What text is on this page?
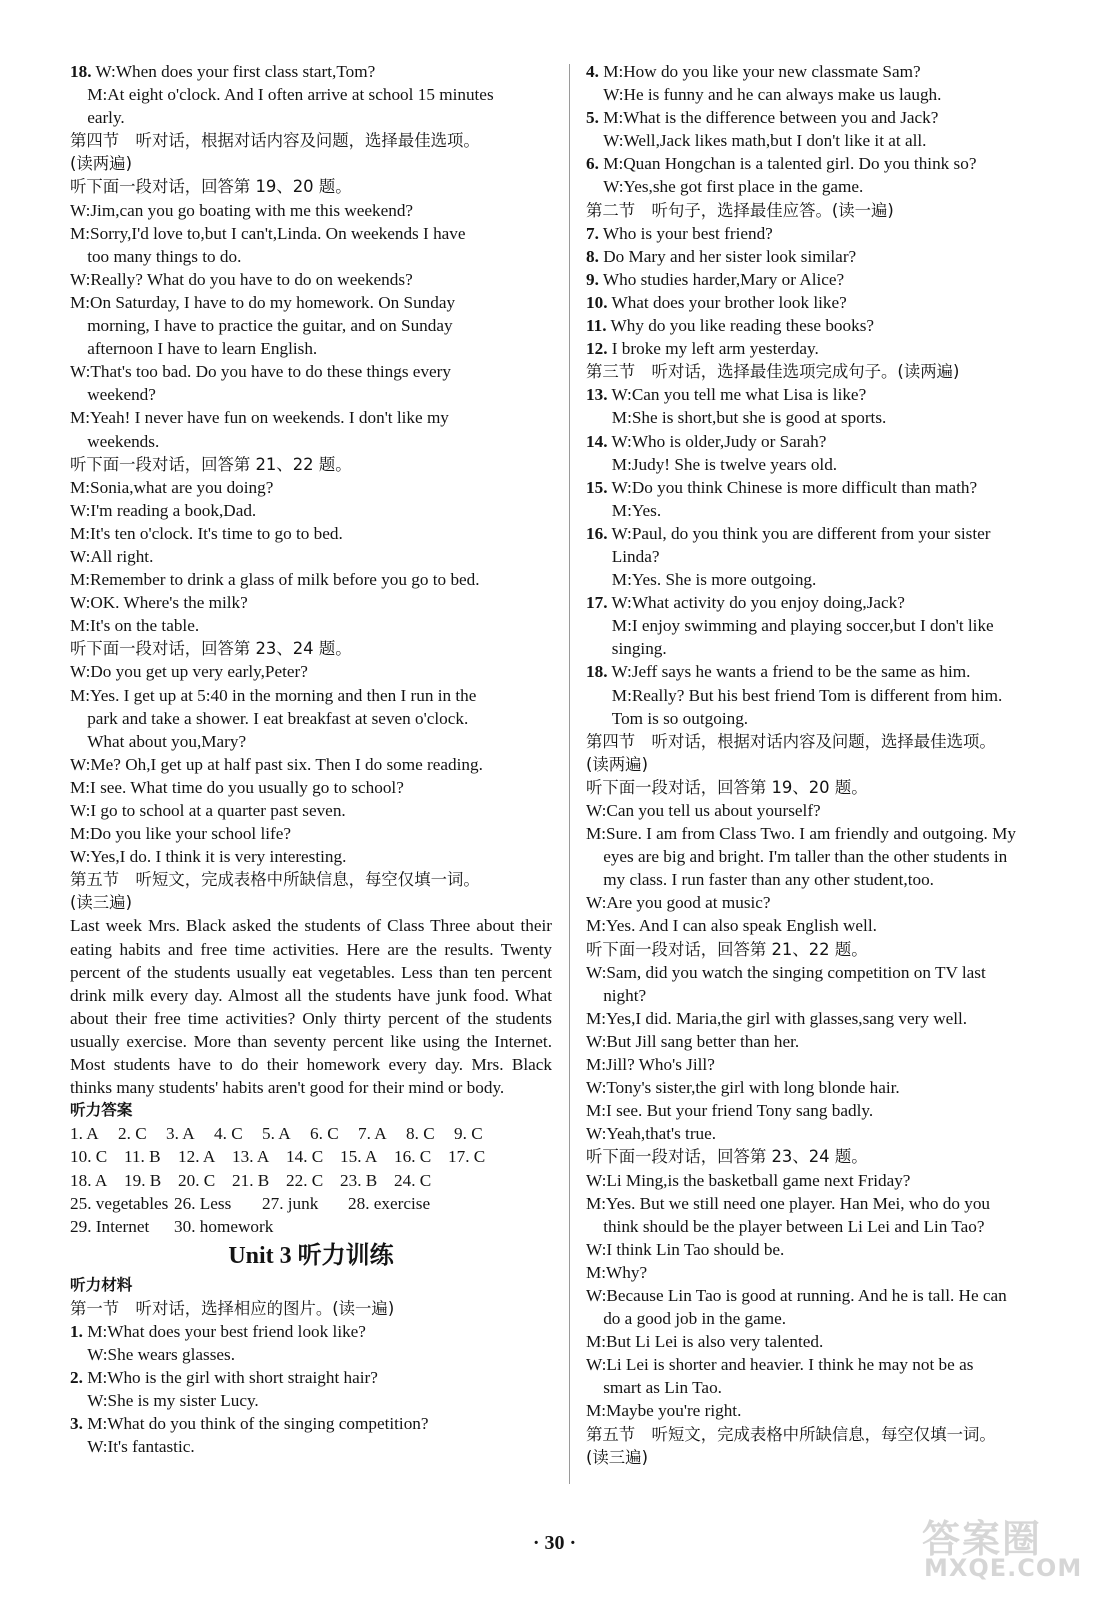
18. W:When does your first class start,Tom?
M:At eight o'clock. And I often arrive at school 15 minutes
early.
第四节　听对话，根据对话内容及问题，选择最佳选项。
(读两遍)
听下面一段对话，回答第 19、20 题。
W:Jim,can you go boating with me this weekend?
M:Sorry,I'd love to,but I can't,Linda. On weekends I have
too many things to do.
W:Really? What do you have to do on weekends?
M:On Saturday, I have to do my homework. On Sunday
morning, I have to practice the guitar, and on Sunday
afternoon I have to learn English.
W:That's too bad. Do you have to do these things every
weekend?
M:Yeah! I never have fun on weekends. I don't like my
weekends.
听下面一段对话，回答第 21、22 题。
M:Sonia,what are you doing?
W:I'm reading a book,Dad.
M:It's ten o'clock. It's time to go to bed.
W:All right.
M:Remember to drink a glass of milk before you go to bed.
W:OK. Where's the milk?
M:It's on the table.
听下面一段对话，回答第 23、24 题。
W:Do you get up very early,Peter?
M:Yes. I get up at 5:40 in the morning and then I run in the
park and take a shower. I eat breakfast at seven o'clock.
What about you,Mary?
W:Me? Oh,I get up at half past six. Then I do some reading.
M:I see. What time do you usually go to school?
W:I go to school at a quarter past seven.
M:Do you like your school life?
W:Yes,I do. I think it is very interesting.
第五节　听短文，完成表格中所缺信息，每空仅填一词。
(读三遍)
Last week Mrs. Black asked the students of Class Three about their eating habits and free time activities. Here are the results. Twenty percent of the students usually eat vegetables. Less than ten percent drink milk every day. Almost all the students have junk food. What about their free time activities? Only thirty percent of the students usually exercise. More than seventy percent like using the Internet. Most students have to do their homework every day. Mrs. Black thinks many students' habits aren't good for their mind or body.
听力答案
1. A	2. C	3. A	4. C	5. A	6. C	7. A	8. C	9. C
10. C 11. B	12. A 13. A 14. C 15. A 16. C 17. C
18. A 19. B 20. C 21. B 22. C 23. B 24. C
25. vegetables 26. Less	27. junk	28. exercise
29. Internet	30. homework
Unit 3 听力训练
听力材料
第一节　听对话，选择相应的图片。(读一遍)
1. M:What does your best friend look like?
W:She wears glasses.
2. M:Who is the girl with short straight hair?
W:She is my sister Lucy.
3. M:What do you think of the singing competition?
W:It's fantastic.
4. M:How do you like your new classmate Sam?
W:He is funny and he can always make us laugh.
5. M:What is the difference between you and Jack?
W:Well,Jack likes math,but I don't like it at all.
6. M:Quan Hongchan is a talented girl. Do you think so?
W:Yes,she got first place in the game.
第二节　听句子，选择最佳应答。(读一遍)
7. Who is your best friend?
8. Do Mary and her sister look similar?
9. Who studies harder,Mary or Alice?
10. What does your brother look like?
11. Why do you like reading these books?
12. I broke my left arm yesterday.
第三节　听对话，选择最佳选项完成句子。(读两遍)
13. W:Can you tell me what Lisa is like?
M:She is short,but she is good at sports.
14. W:Who is older,Judy or Sarah?
M:Judy! She is twelve years old.
15. W:Do you think Chinese is more difficult than math?
M:Yes.
16. W:Paul, do you think you are different from your sister
Linda?
M:Yes. She is more outgoing.
17. W:What activity do you enjoy doing,Jack?
M:I enjoy swimming and playing soccer,but I don't like
singing.
18. W:Jeff says he wants a friend to be the same as him.
M:Really? But his best friend Tom is different from him.
Tom is so outgoing.
第四节　听对话，根据对话内容及问题，选择最佳选项。
(读两遍)
听下面一段对话，回答第 19、20 题。
W:Can you tell us about yourself?
M:Sure. I am from Class Two. I am friendly and outgoing. My
eyes are big and bright. I'm taller than the other students in
my class. I run faster than any other student,too.
W:Are you good at music?
M:Yes. And I can also speak English well.
听下面一段对话，回答第 21、22 题。
W:Sam, did you watch the singing competition on TV last
night?
M:Yes,I did. Maria,the girl with glasses,sang very well.
W:But Jill sang better than her.
M:Jill? Who's Jill?
W:Tony's sister,the girl with long blonde hair.
M:I see. But your friend Tony sang badly.
W:Yeah,that's true.
听下面一段对话，回答第 23、24 题。
W:Li Ming,is the basketball game next Friday?
M:Yes. But we still need one player. Han Mei, who do you
think should be the player between Li Lei and Lin Tao?
W:I think Lin Tao should be.
M:Why?
W:Because Lin Tao is good at running. And he is tall. He can
do a good job in the game.
M:But Li Lei is also very talented.
W:Li Lei is shorter and heavier. I think he may not be as
smart as Lin Tao.
M:Maybe you're right.
第五节　听短文，完成表格中所缺信息，每空仅填一词。
(读三遍)
· 30 ·	答案圈
MXQE.COM
